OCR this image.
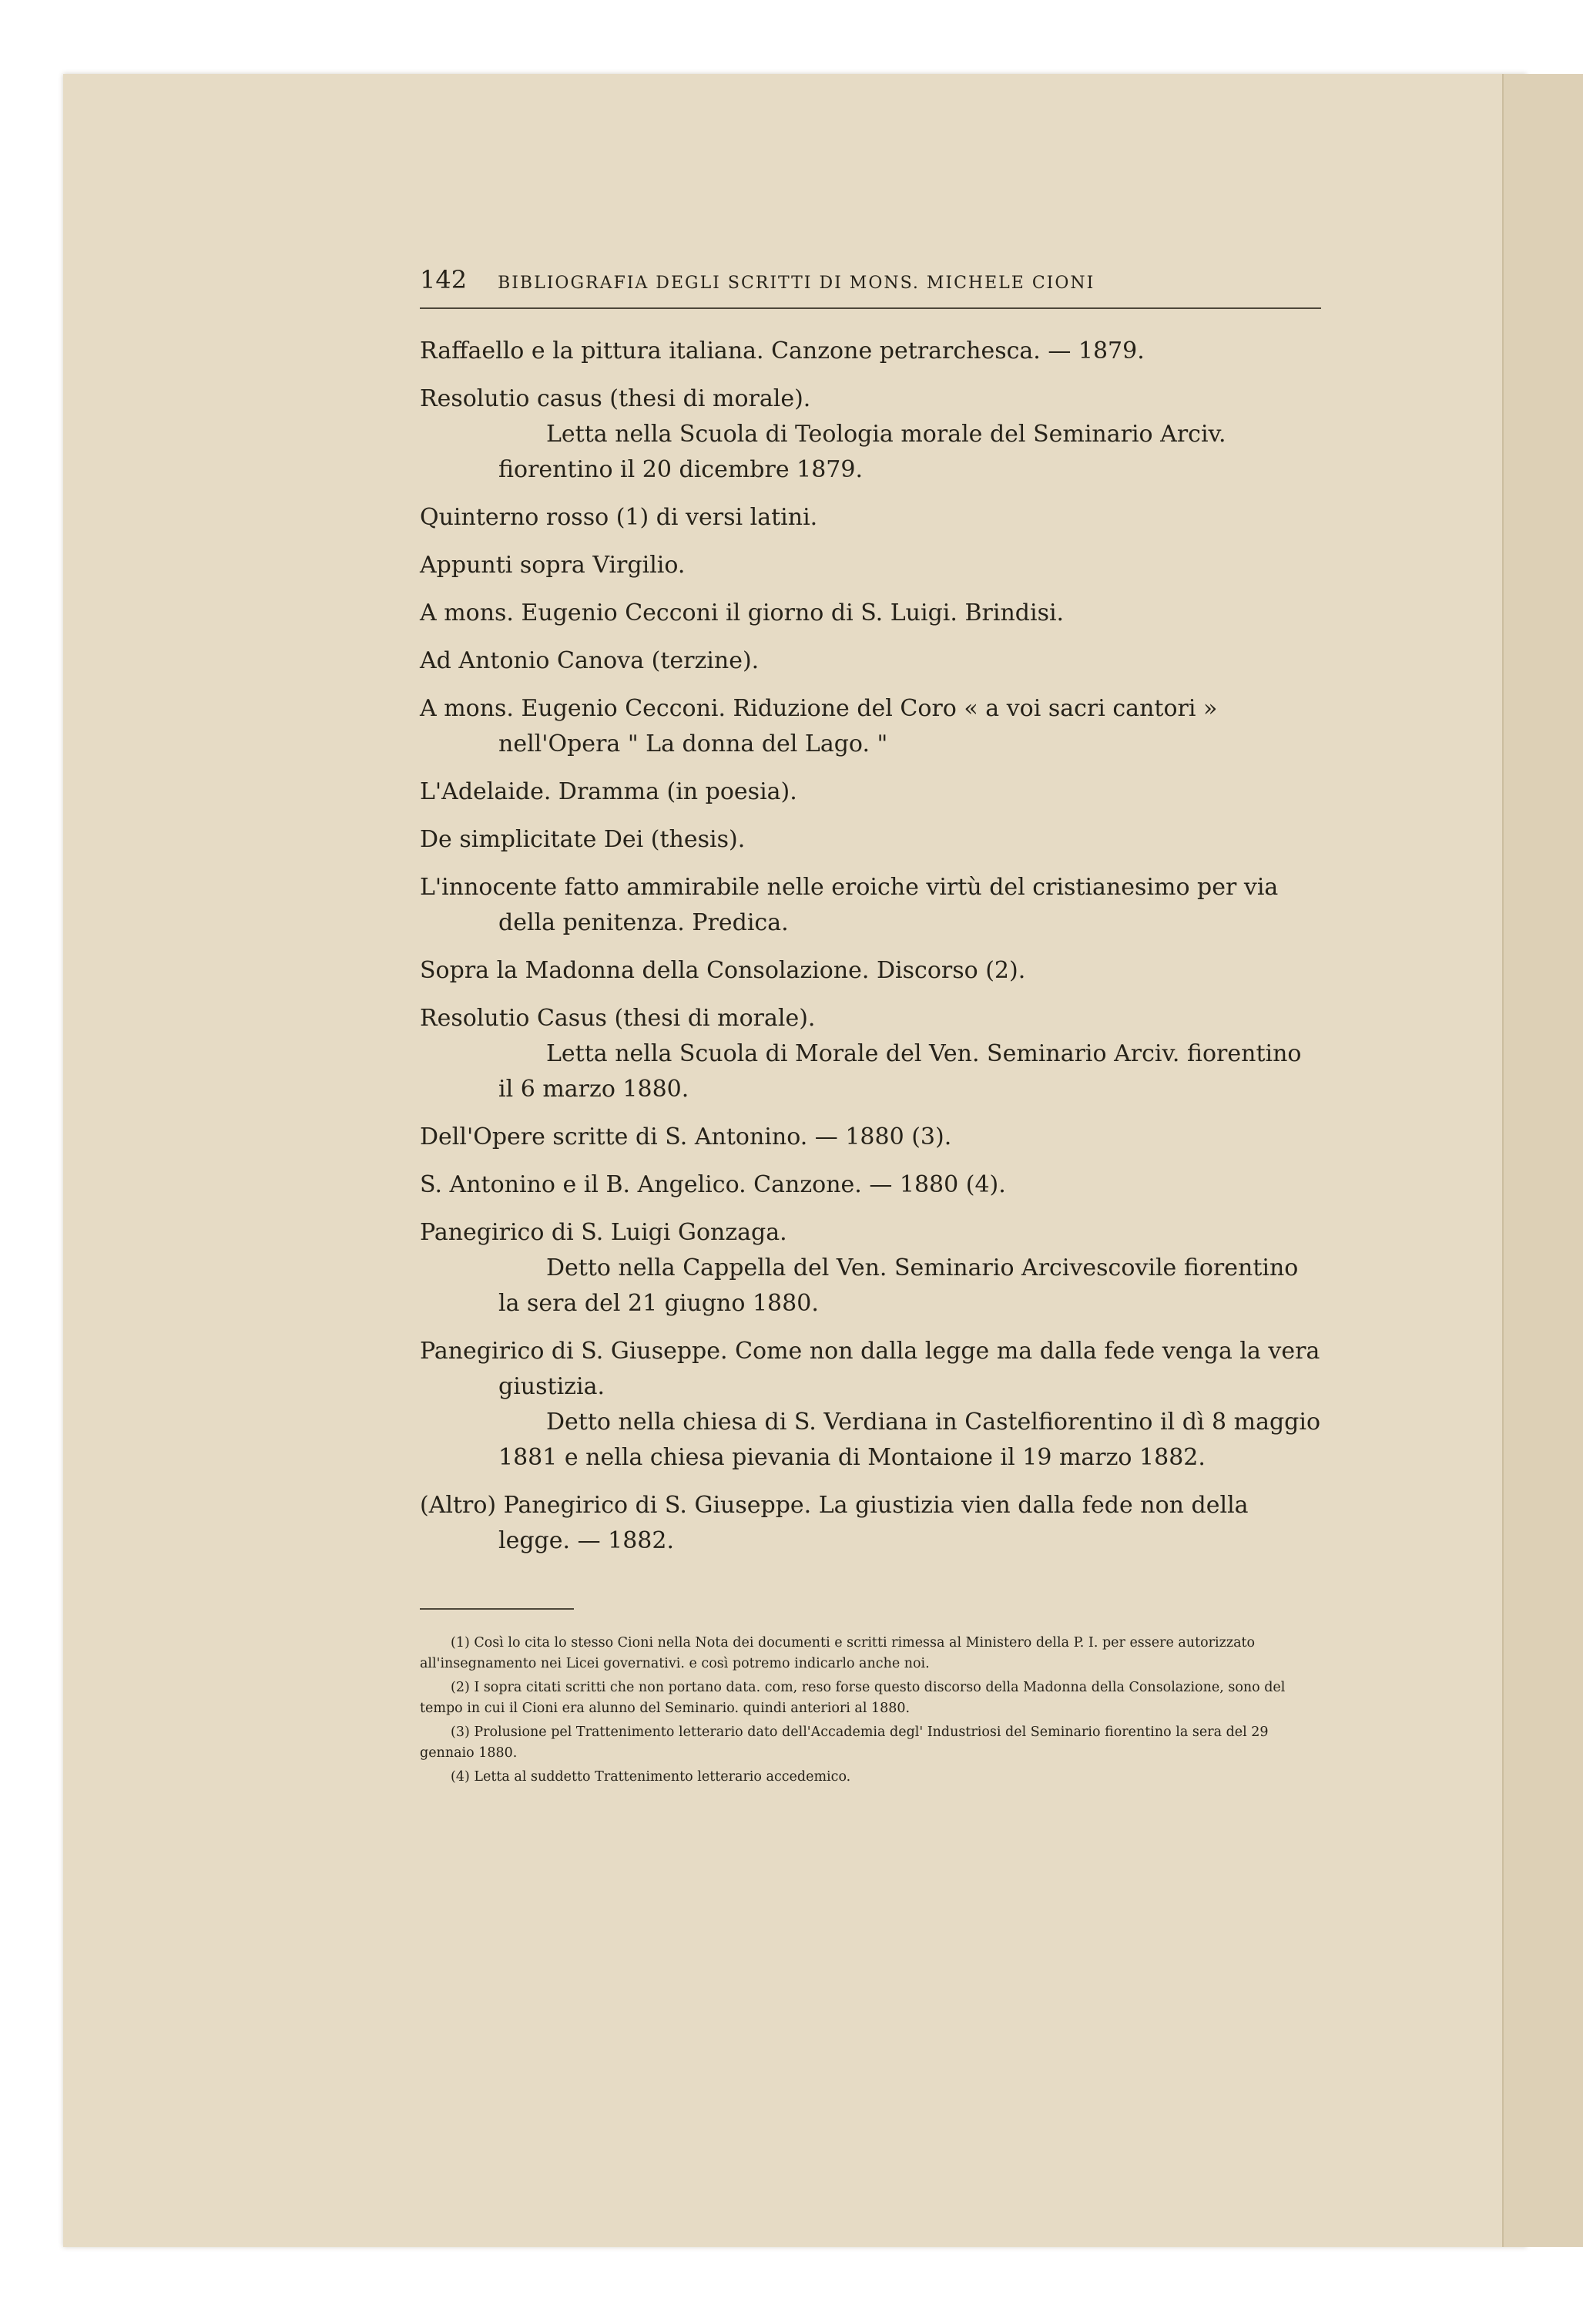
142 BIBLIOGRAFIA DEGLI SCRITTI DI MONS. MICHELE CIONI

Raffaello e la pittura italiana. Canzone petrarchesca. — 1879.

Resolutio casus (thesi di morale).

Letta nella Scuola di Teologia morale del Seminario Arciv. fiorentino il 20 dicembre 1879.

Quinterno rosso (1) di versi latini.

Appunti sopra Virgilio.

A mons. Eugenio Cecconi il giorno di S. Luigi. Brindisi.

Ad Antonio Canova (terzine).

A mons. Eugenio Cecconi. Riduzione del Coro « a voi sacri cantori » nell'Opera " La donna del Lago. "

L'Adelaide. Dramma (in poesia).

De simplicitate Dei (thesis).

L'innocente fatto ammirabile nelle eroiche virtù del cristianesimo per via della penitenza. Predica.

Sopra la Madonna della Consolazione. Discorso (2).

Resolutio Casus (thesi di morale).

Letta nella Scuola di Morale del Ven. Seminario Arciv. fiorentino il 6 marzo 1880.

Dell'Opere scritte di S. Antonino. — 1880 (3).

S. Antonino e il B. Angelico. Canzone. — 1880 (4).

Panegirico di S. Luigi Gonzaga.

Detto nella Cappella del Ven. Seminario Arcivescovile fiorentino la sera del 21 giugno 1880.

Panegirico di S. Giuseppe. Come non dalla legge ma dalla fede venga la vera giustizia.

Detto nella chiesa di S. Verdiana in Castelfiorentino il dì 8 maggio 1881 e nella chiesa pievania di Montaione il 19 marzo 1882.

(Altro) Panegirico di S. Giuseppe. La giustizia vien dalla fede non della legge. — 1882.

(1) Così lo cita lo stesso Cioni nella Nota dei documenti e scritti rimessa al Ministero della P. I. per essere autorizzato all'insegnamento nei Licei governativi. e così potremo indicarlo anche noi.

(2) I sopra citati scritti che non portano data. com, reso forse questo discorso della Madonna della Consolazione, sono del tempo in cui il Cioni era alunno del Seminario. quindi anteriori al 1880.

(3) Prolusione pel Trattenimento letterario dato dell'Accademia degl' Industriosi del Seminario fiorentino la sera del 29 gennaio 1880.

(4) Letta al suddetto Trattenimento letterario accedemico.
